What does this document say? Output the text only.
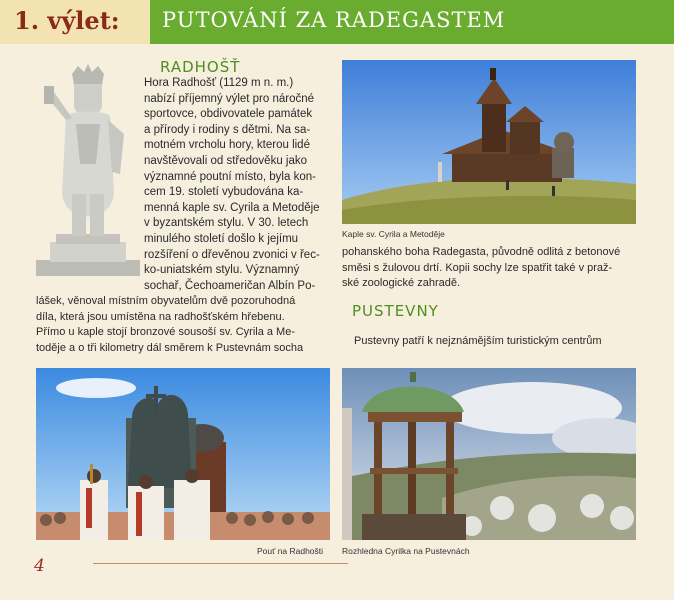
1. výlet: PUTOVÁNÍ ZA RADEGASTEM
RADHOŠŤ
Hora Radhošť (1129 m n. m.)
nabízí příjemný výlet pro náročné
sportovce, obdivovatele památek
a přírody i rodiny s dětmi. Na sa-
motném vrcholu hory, kterou lidé
navštěvovali od středověku jako
významné poutní místo, byla kon-
cem 19. století vybudována ka-
menná kaple sv. Cyrila a Metoděje
v byzantském stylu. V 30. letech
minulého století došlo k jejímu
rozšíření o dřevěnou zvonici v řec-
ko-uniatském stylu. Významný
sochař, Čechoameričan Albín Po-
lášek, věnoval místním obyvatelům dvě pozoruhodná
díla, která jsou umístěna na radhošťském hřebenu.
Přímo u kaple stojí bronzové sousoší sv. Cyrila a Me-
toděje a o tři kilometry dál směrem k Pustevnám socha
Kaple sv. Cyrila a Metoděje
pohanského boha Radegasta, původně odlitá z betonové
směsi s žulovou drtí. Kopii sochy lze spatřit také v praž-
ské zoologické zahradě.
PUSTEVNY
Pustevny patří k nejznámějším turistickým centrům
Pouť na Radhošti Rozhledna Cyrilka na Pustevnách
4
